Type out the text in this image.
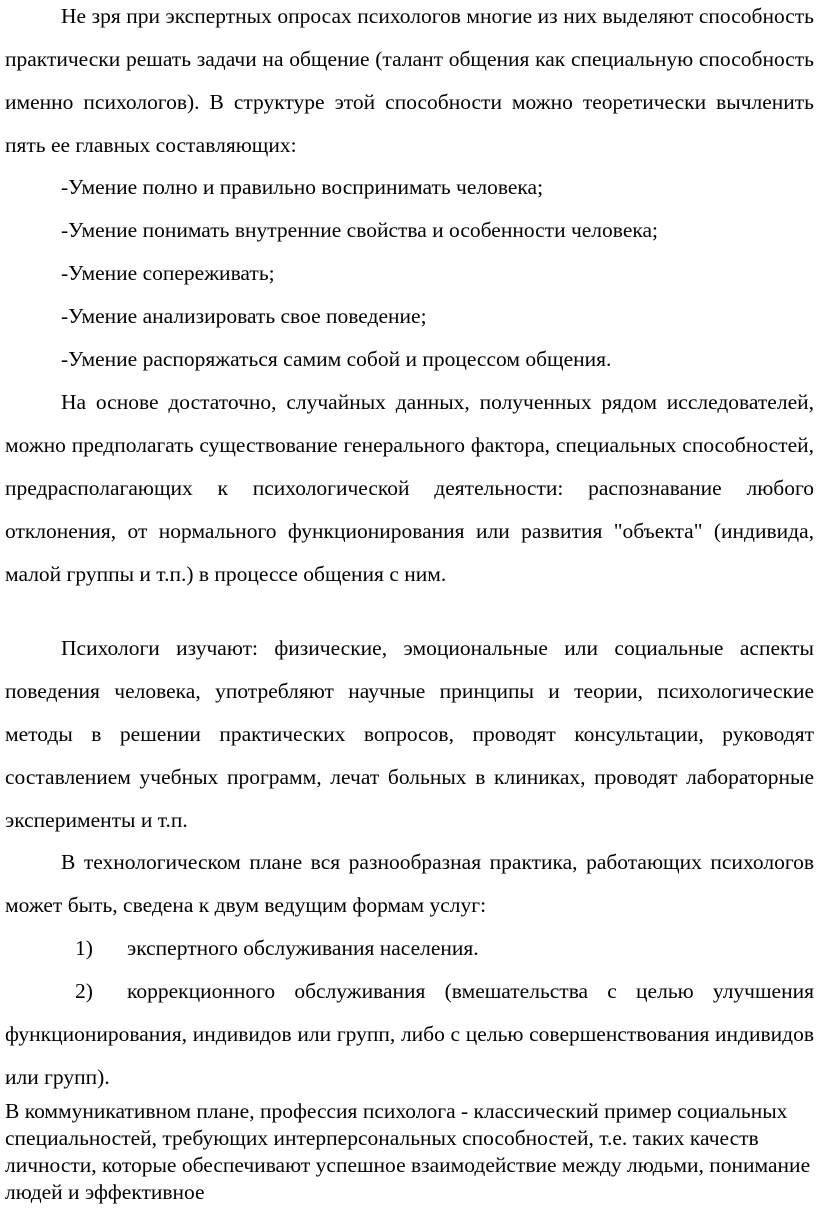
Не зря при экспертных опросах психологов многие из них выделяют способность практически решать задачи на общение (талант общения как специальную способность именно психологов). В структуре этой способности можно теоретически вычленить пять ее главных составляющих:

-Умение полно и правильно воспринимать человека;

-Умение понимать внутренние свойства и особенности человека;

-Умение сопереживать;

-Умение анализировать свое поведение;

-Умение распоряжаться самим собой и процессом общения.

На основе достаточно, случайных данных, полученных рядом исследователей, можно предполагать существование генерального фактора, специальных способностей, предрасполагающих к психологической деятельности: распознавание любого отклонения, от нормального функционирования или развития "объекта" (индивида, малой группы и т.п.) в процессе общения с ним.

Психологи изучают: физические, эмоциональные или социальные аспекты поведения человека, употребляют научные принципы и теории, психологические методы в решении практических вопросов, проводят консультации, руководят составлением учебных программ, лечат больных в клиниках, проводят лабораторные эксперименты и т.п.

В технологическом плане вся разнообразная практика, работающих психологов может быть, сведена к двум ведущим формам услуг:

1) экспертного обслуживания населения.

2) коррекционного обслуживания (вмешательства с целью улучшения функционирования, индивидов или групп, либо с целью совершенствования индивидов или групп).

В коммуникативном плане, профессия психолога - классический пример социальных специальностей, требующих интерперсональных способностей, т.е. таких качеств личности, которые обеспечивают успешное взаимодействие между людьми, понимание людей и эффективное
